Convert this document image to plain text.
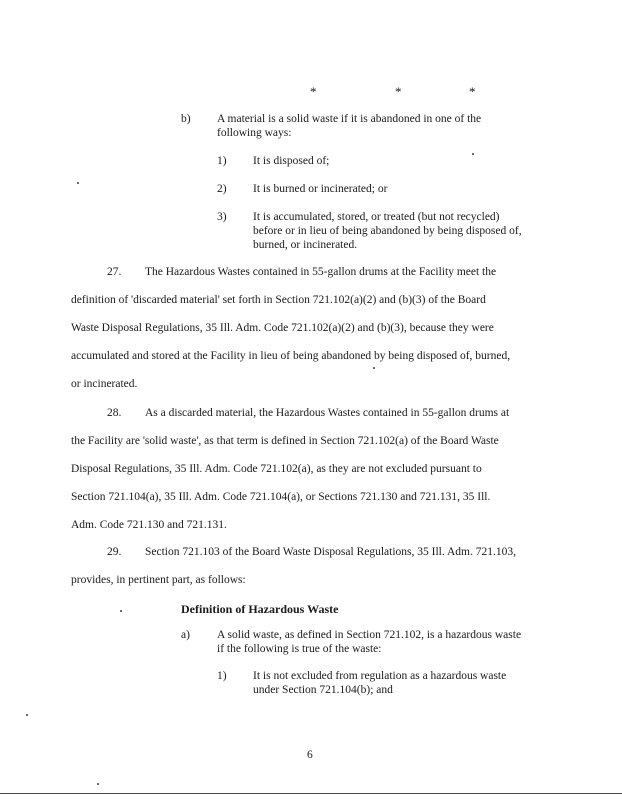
*	*	*
b) A material is a solid waste if it is abandoned in one of the
following ways:
1) It is disposed of;
2) It is burned or incinerated; or
3) It is accumulated, stored, or treated (but not recycled)
before or in lieu of being abandoned by being disposed of,
burned, or incinerated.
27. The Hazardous Wastes contained in 55-gallon drums at the Facility meet the
definition of 'discarded material' set forth in Section 721.102(a)(2) and (b)(3) of the Board
Waste Disposal Regulations, 35 Ill. Adm. Code 721.102(a)(2) and (b)(3), because they were
accumulated and stored at the Facility in lieu of being abandoned by being disposed of, burned,
or incinerated.
28. As a discarded material, the Hazardous Wastes contained in 55-gallon drums at
the Facility are 'solid waste', as that term is defined in Section 721.102(a) of the Board Waste
Disposal Regulations, 35 Ill. Adm. Code 721.102(a), as they are not excluded pursuant to
Section 721.104(a), 35 Ill. Adm. Code 721.104(a), or Sections 721.130 and 721.131, 35 Ill.
Adm. Code 721.130 and 721.131.
29. Section 721.103 of the Board Waste Disposal Regulations, 35 Ill. Adm. 721.103,
provides, in pertinent part, as follows:
Definition of Hazardous Waste
a) A solid waste, as defined in Section 721.102, is a hazardous waste
if the following is true of the waste:
1) It is not excluded from regulation as a hazardous waste
under Section 721.104(b); and
6
